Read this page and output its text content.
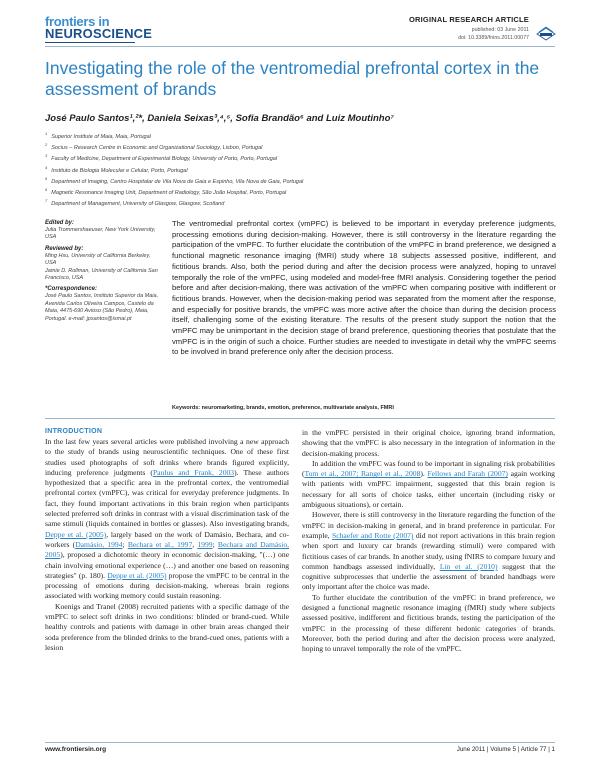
frontiers in
NEUROSCIENCE
ORIGINAL RESEARCH ARTICLE
published: 03 June 2011
doi: 10.3389/fnins.2011.00077
Investigating the role of the ventromedial prefrontal cortex in the assessment of brands
José Paulo Santos¹,²*, Daniela Seixas³,⁴,⁵, Sofia Brandão⁶ and Luiz Moutinho⁷
$^1$Superior Institute of Maia, Maia, Portugal
$^2$Socius – Research Centre in Economic and Organizational Sociology, Lisbon, Portugal
$^3$Faculty of Medicine, Department of Experimental Biology, University of Porto, Porto, Portugal
$^4$Instituto de Biologia Molecular e Celular, Porto, Portugal
$^5$Department of Imaging, Centro Hospitalar de Vila Nova de Gaia e Espinho, Vila Nova de Gaia, Portugal
$^6$Magnetic Resonance Imaging Unit, Department of Radiology, São João Hospital, Porto, Portugal
$^7$Department of Management, University of Glasgow, Glasgow, Scotland
Edited by:
Julia Trommershaeuser, New York University, USA
Reviewed by:
Ming Hsu, University of California Berkeley, USA
Jamie D. Rollman, University of California San Francisco, USA
*Correspondence:
José Paulo Santos, Instituto Superior da Maia, Avenida Carlos Oliveira Campos, Castelo da Maia, 4475-690 Avioso (São Pedro), Maia, Portugal. e-mail: jpsantos@ismai.pt
The ventromedial prefrontal cortex (vmPFC) is believed to be important in everyday preference judgments, processing emotions during decision-making. However, there is still controversy in the literature regarding the participation of the vmPFC. To further elucidate the contribution of the vmPFC in brand preference, we designed a functional magnetic resonance imaging (fMRI) study where 18 subjects assessed positive, indifferent, and fictitious brands. Also, both the period during and after the decision process were analyzed, hoping to unravel temporally the role of the vmPFC, using modeled and model-free fMRI analysis. Considering together the period before and after decision-making, there was activation of the vmPFC when comparing positive with indifferent or fictitious brands. However, when the decision-making period was separated from the moment after the response, and especially for positive brands, the vmPFC was more active after the choice than during the decision process itself, challenging some of the existing literature. The results of the present study support the notion that the vmPFC may be unimportant in the decision stage of brand preference, questioning theories that postulate that the vmPFC is in the origin of such a choice. Further studies are needed to investigate in detail why the vmPFC seems to be involved in brand preference only after the decision process.
Keywords: neuromarketing, brands, emotion, preference, multivariate analysis, FMRI
INTRODUCTION

In the last few years several articles were published involving a new approach to the study of brands using neuroscientific techniques. One of these first studies used photographs of soft drinks where brands figured explicitly, inducing preference judgments (Paulus and Frank, 2003). These authors hypothesized that a specific area in the prefrontal cortex, the ventromedial prefrontal cortex (vmPFC), was critical for everyday preference judgments. In fact, they found important activations in this brain region when participants selected preferred soft drinks in contrast with a visual discrimination task of the same stimuli (liquids contained in bottles or glasses). Also investigating brands, Deppe et al. (2005), largely based on the work of Damásio, Bechara, and co-workers (Damásio, 1994; Bechara et al., 1997, 1999; Bechara and Damásio, 2005), proposed a dichotomic theory in economic decision-making, "(…) one chain involving emotional experience (…) and another one based on reasoning strategies" (p. 180). Deppe et al. (2005) propose the vmPFC to be central in the processing of emotions during decision-making, whereas brain regions associated with working memory could sustain reasoning.

Koenigs and Tranel (2008) recruited patients with a specific damage of the vmPFC to select soft drinks in two conditions: blinded or brand-cued. While healthy controls and patients with damage in other brain areas changed their soda preference from the blinded drinks to the brand-cued ones, patients with a lesion

in the vmPFC persisted in their original choice, ignoring brand information, showing that the vmPFC is also necessary in the integration of information in the decision-making process.

In addition the vmPFC was found to be important in signaling risk probabilities (Tom et al., 2007; Rangel et al., 2008). Fellows and Farah (2007) again working with patients with vmPFC impairment, suggested that this brain region is necessary for all sorts of choice tasks, either uncertain (including risky or ambiguous situations), or certain.

However, there is still controversy in the literature regarding the function of the vmPFC in decision-making in general, and in brand preference in particular. For example, Schaefer and Rotte (2007) did not report activations in this brain region when sport and luxury car brands (rewarding stimuli) were compared with fictitious cases of car brands. In another study, using fNIRS to compare luxury and common handbags assessed individually, Lin et al. (2010) suggest that the cognitive subprocesses that underlie the assessment of branded handbags were only important after the choice was made.

To further elucidate the contribution of the vmPFC in brand preference, we designed a functional magnetic resonance imaging (fMRI) study where subjects assessed positive, indifferent and fictitious brands, testing the participation of the vmPFC in the processing of these different hedonic categories of brands. Moreover, both the period during and after the decision process were analyzed, hoping to unravel temporally the role of the vmPFC.

www.frontiersin.org	June 2011 | Volume 5 | Article 77 | 1
